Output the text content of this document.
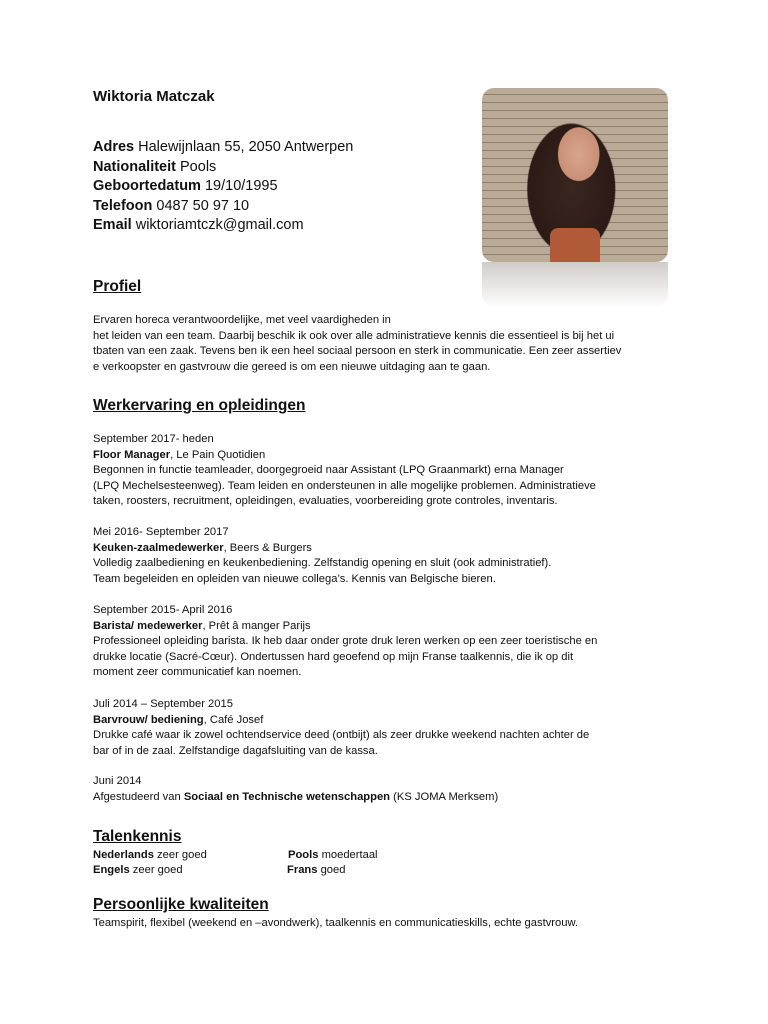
Wiktoria Matczak
Adres Halewijnlaan 55, 2050 Antwerpen
Nationaliteit Pools
Geboortedatum 19/10/1995
Telefoon 0487 50 97 10
Email wiktoriamtczk@gmail.com
Profiel
Ervaren horeca verantwoordelijke, met veel vaardigheden in
het leiden van een team. Daarbij beschik ik ook over alle administratieve kennis die essentieel is bij het ui
tbaten van een zaak. Tevens ben ik een heel sociaal persoon en sterk in communicatie. Een zeer assertiev
e verkoopster en gastvrouw die gereed is om een nieuwe uitdaging aan te gaan.
Werkervaring en opleidingen
September 2017- heden
Floor Manager, Le Pain Quotidien
Begonnen in functie teamleader, doorgegroeid naar Assistant (LPQ Graanmarkt) erna Manager
(LPQ Mechelsesteenweg). Team leiden en ondersteunen in alle mogelijke problemen. Administratieve
taken, roosters, recruitment, opleidingen, evaluaties, voorbereiding grote controles, inventaris.
Mei 2016- September 2017
Keuken-zaalmedewerker, Beers & Burgers
Volledig zaalbediening en keukenbediening. Zelfstandig opening en sluit (ook administratief).
Team begeleiden en opleiden van nieuwe collega’s. Kennis van Belgische bieren.
September 2015- April 2016
Barista/ medewerker, Prêt â manger Parijs
Professioneel opleiding barista. Ik heb daar onder grote druk leren werken op een zeer toeristische en
drukke locatie (Sacré-Cœur). Ondertussen hard geoefend op mijn Franse taalkennis, die ik op dit
moment zeer communicatief kan noemen.
Juli 2014 – September 2015
Barvrouw/ bediening, Café Josef
Drukke café waar ik zowel ochtendservice deed (ontbijt) als zeer drukke weekend nachten achter de
bar of in de zaal. Zelfstandige dagafsluiting van de kassa.
Juni 2014
Afgestudeerd van Sociaal en Technische wetenschappen (KS JOMA Merksem)
Talenkennis
Nederlands zeer goed	Pools moedertaal
Engels zeer goed	Frans goed
Persoonlijke kwaliteiten
Teamspirit, flexibel (weekend en –avondwerk), taalkennis en communicatieskills, echte gastvrouw.
